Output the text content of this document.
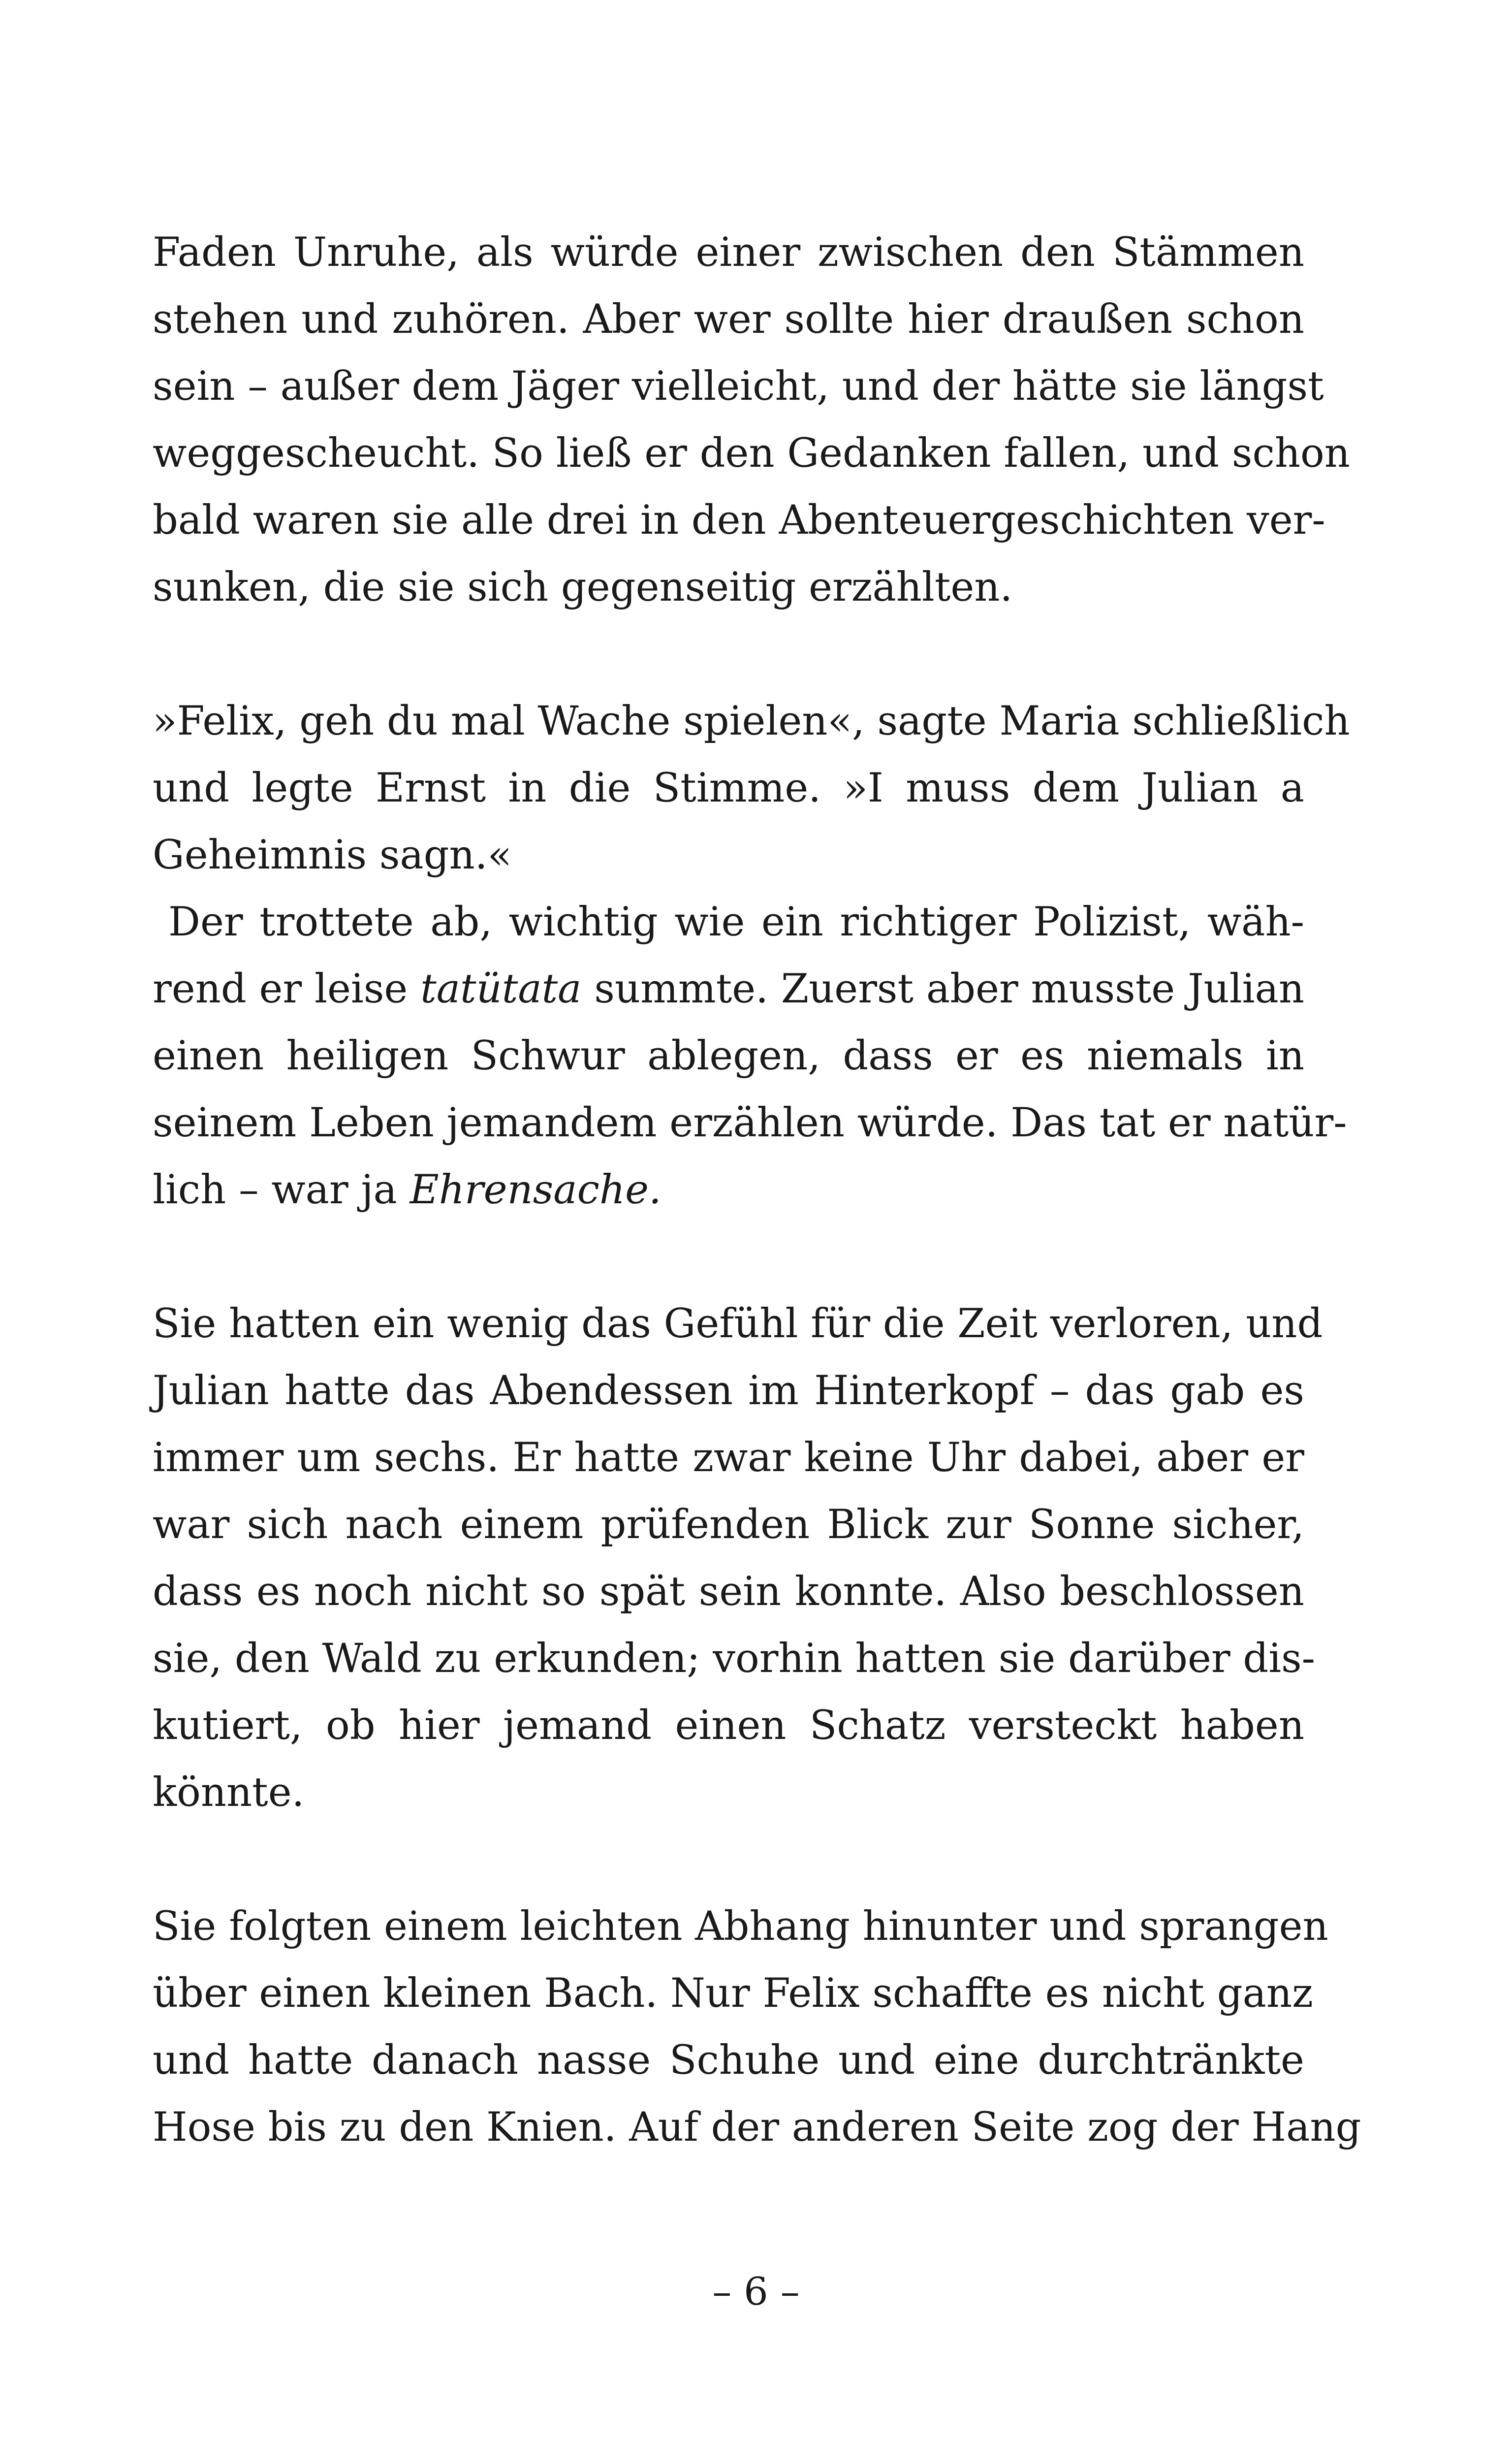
Faden Unruhe, als würde einer zwischen den Stämmen
stehen und zuhören. Aber wer sollte hier draußen schon
sein – außer dem Jäger vielleicht, und der hätte sie längst
weggescheucht. So ließ er den Gedanken fallen, und schon
bald waren sie alle drei in den Abenteuergeschichten ver-
sunken, die sie sich gegenseitig erzählten.
»Felix, geh du mal Wache spielen«, sagte Maria schließlich
und legte Ernst in die Stimme. »I muss dem Julian a
Geheimnis sagn.«
Der trottete ab, wichtig wie ein richtiger Polizist, wäh-
rend er leise tatütata summte. Zuerst aber musste Julian
einen heiligen Schwur ablegen, dass er es niemals in
seinem Leben jemandem erzählen würde. Das tat er natür-
lich – war ja Ehrensache.
Sie hatten ein wenig das Gefühl für die Zeit verloren, und
Julian hatte das Abendessen im Hinterkopf – das gab es
immer um sechs. Er hatte zwar keine Uhr dabei, aber er
war sich nach einem prüfenden Blick zur Sonne sicher,
dass es noch nicht so spät sein konnte. Also beschlossen
sie, den Wald zu erkunden; vorhin hatten sie darüber dis-
kutiert, ob hier jemand einen Schatz versteckt haben
könnte.
Sie folgten einem leichten Abhang hinunter und sprangen
über einen kleinen Bach. Nur Felix schaffte es nicht ganz
und hatte danach nasse Schuhe und eine durchtränkte
Hose bis zu den Knien. Auf der anderen Seite zog der Hang
– 6 –
